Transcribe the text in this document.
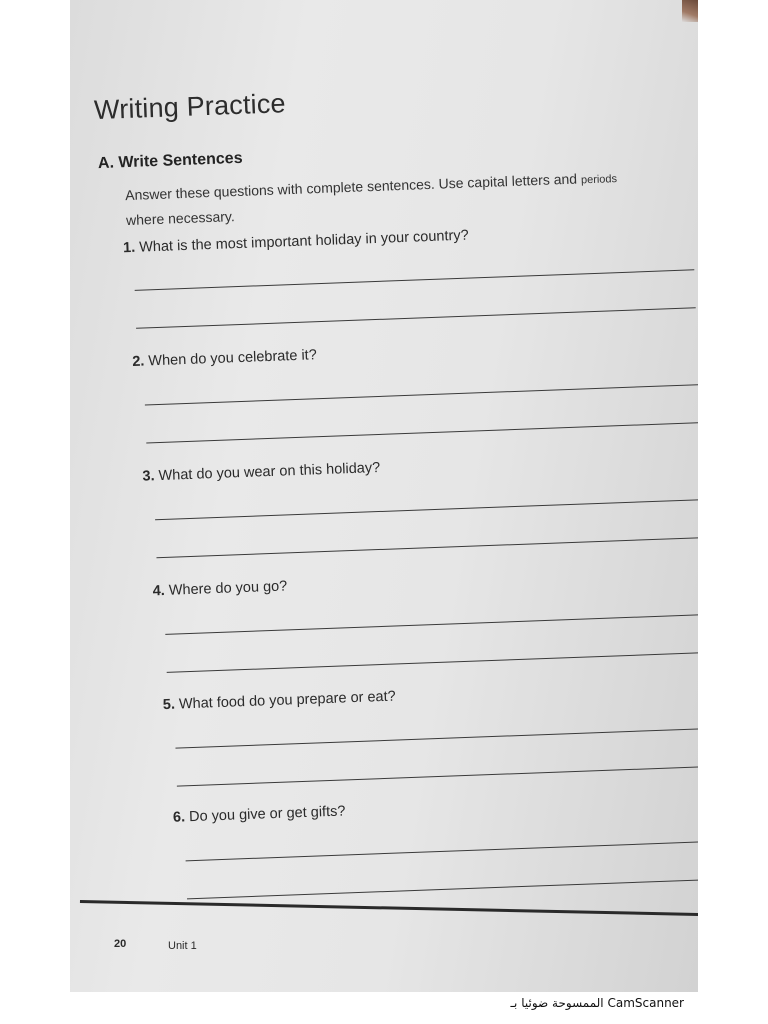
Writing Practice
A. Write Sentences
Answer these questions with complete sentences. Use capital letters and periods
where necessary.
1. What is the most important holiday in your country?
2. When do you celebrate it?
3. What do you wear on this holiday?
4. Where do you go?
5. What food do you prepare or eat?
6. Do you give or get gifts?
20	Unit 1
CamScanner الممسوحة ضوئيا بـ
